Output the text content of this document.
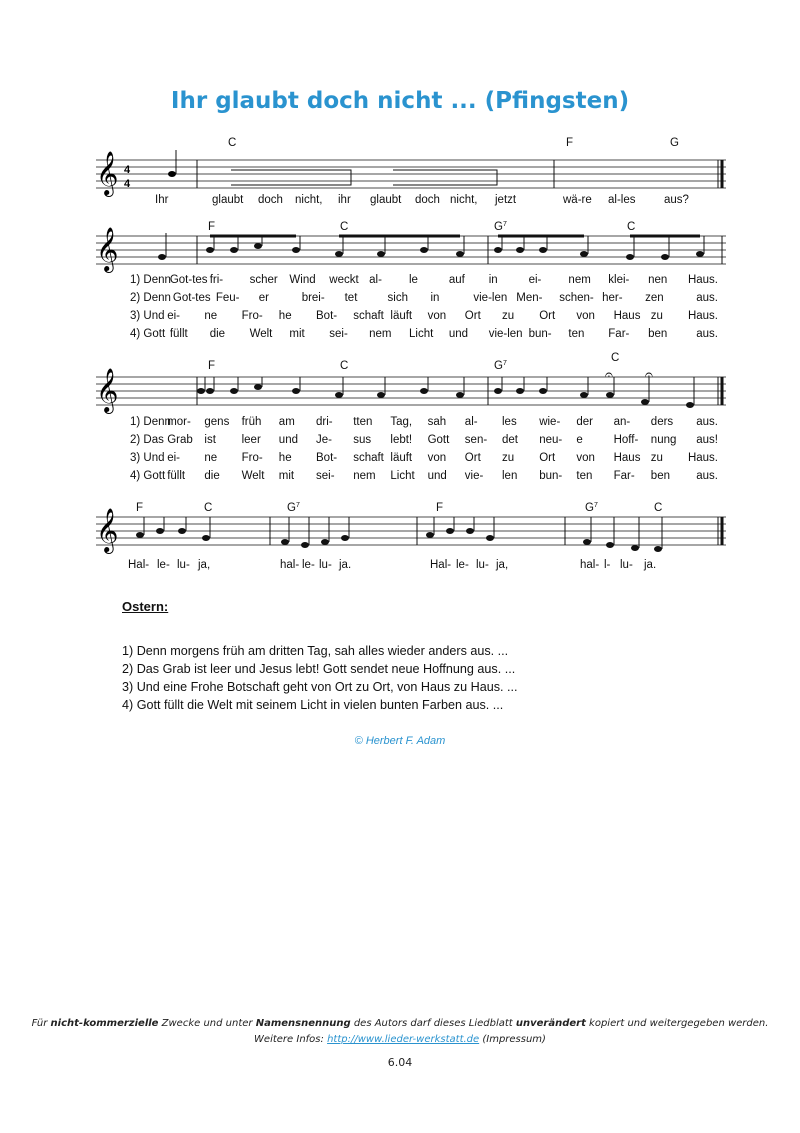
Ihr glaubt doch nicht ... (Pfingsten)
𝄞 4
4
C	F	G
Ihr	glaubt doch nicht, ihr glaubt doch nicht, jetzt	wä-re al-les aus?
𝄞	F	C	$G^7$	C
1) Denn
Got-tes fri- scher Wind weckt al- le	auf in	ei- nem klei- nen Haus.
2) Denn Got-tes Feu- er	brei- tet	sich in	vie-len Men- schen- her- zen	aus.
3) Und ei- ne Fro- he Bot- schaft läuft von Ort zu Ort von Haus zu Haus.
4) Gott füllt die Welt mit sei- nem Licht und vie-len bun- ten Far- ben	aus.
𝄞	𝄐 𝄐
F	C	$G^7$	C
1) Denn
mor- gens früh am dri- tten Tag, sah al- les wie- der an- ders aus.
2) Das Grab ist leer und Je- sus lebt! Gott sen- det neu- e	Hoff- nung aus!
3) Und ei- ne Fro- he Bot- schaft läuft von Ort zu Ort von Haus zu Haus.
4) Gott füllt die Welt mit sei- nem Licht und vie- len bun- ten Far- ben aus.
𝄞 F	C	$G^7$	F	$G^7$	C
Hal- le- lu- ja,	hal- le- lu- ja.	Hal- le- lu- ja,	hal- l- lu- ja.
Ostern:
1) Denn morgens früh am dritten Tag, sah alles wieder anders aus. ...
2) Das Grab ist leer und Jesus lebt! Gott sendet neue Hoffnung aus. ...
3) Und eine Frohe Botschaft geht von Ort zu Ort, von Haus zu Haus. ...
4) Gott füllt die Welt mit seinem Licht in vielen bunten Farben aus. ...
© Herbert F. Adam
Für nicht-kommerzielle Zwecke und unter Namensnennung des Autors darf dieses Liedblatt unverändert kopiert und weitergegeben werden.
Weitere Infos: http://www.lieder-werkstatt.de (Impressum)
6.04
